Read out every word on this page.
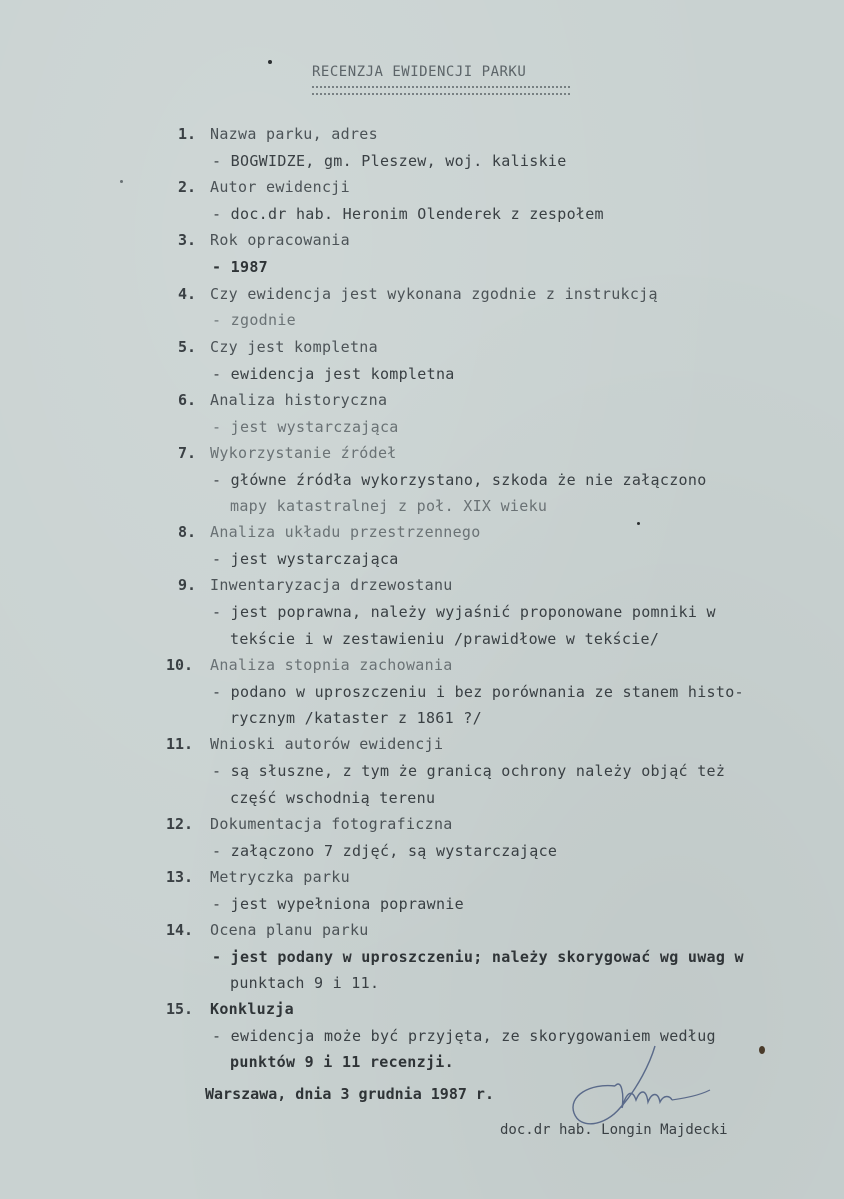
RECENZJA EWIDENCJI PARKU
1. Nazwa parku, adres
- BOGWIDZE, gm. Pleszew, woj. kaliskie
2. Autor ewidencji
- doc.dr hab. Heronim Olenderek z zespołem
3. Rok opracowania
- 1987
4. Czy ewidencja jest wykonana zgodnie z instrukcją
- zgodnie
5. Czy jest kompletna
- ewidencja jest kompletna
6. Analiza historyczna
- jest wystarczająca
7. Wykorzystanie źródeł
- główne źródła wykorzystano, szkoda że nie załączono
mapy katastralnej z poł. XIX wieku
8. Analiza układu przestrzennego
- jest wystarczająca
9. Inwentaryzacja drzewostanu
- jest poprawna, należy wyjaśnić proponowane pomniki w
tekście i w zestawieniu /prawidłowe w tekście/
10. Analiza stopnia zachowania
- podano w uproszczeniu i bez porównania ze stanem histo-
rycznym /kataster z 1861 ?/
11. Wnioski autorów ewidencji
- są słuszne, z tym że granicą ochrony należy objąć też
część wschodnią terenu
12. Dokumentacja fotograficzna
- załączono 7 zdjęć, są wystarczające
13. Metryczka parku
- jest wypełniona poprawnie
14. Ocena planu parku
- jest podany w uproszczeniu; należy skorygować wg uwag w
punktach 9 i 11.
15. Konkluzja
- ewidencja może być przyjęta, ze skorygowaniem według
punktów 9 i 11 recenzji.
Warszawa, dnia 3 grudnia 1987 r.
doc.dr hab. Longin Majdecki
